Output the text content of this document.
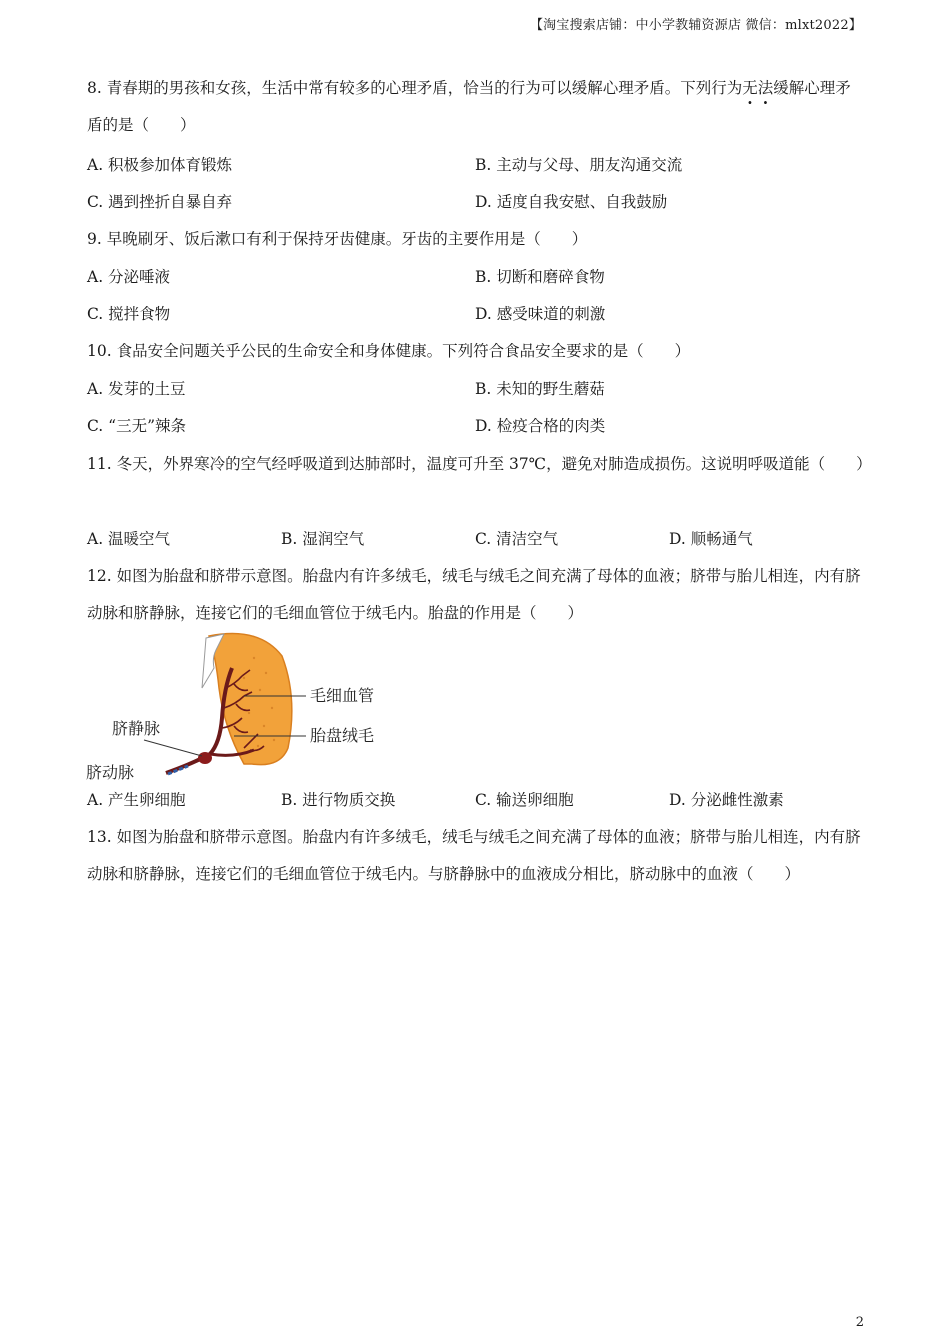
【淘宝搜索店铺：中小学教辅资源店 微信：mlxt2022】
8. 青春期的男孩和女孩，生活中常有较多的心理矛盾，恰当的行为可以缓解心理矛盾。下列行为无法缓解心理矛盾的是（　　）
A. 积极参加体育锻炼	B. 主动与父母、朋友沟通交流
C. 遇到挫折自暴自弃	D. 适度自我安慰、自我鼓励
9. 早晚刷牙、饭后漱口有利于保持牙齿健康。牙齿的主要作用是（　　）
A. 分泌唾液	B. 切断和磨碎食物
C. 搅拌食物	D. 感受味道的刺激
10. 食品安全问题关乎公民的生命安全和身体健康。下列符合食品安全要求的是（　　）
A. 发芽的土豆	B. 未知的野生蘑菇
C. “三无”辣条	D. 检疫合格的肉类
11. 冬天，外界寒冷的空气经呼吸道到达肺部时，温度可升至 37℃，避免对肺造成损伤。这说明呼吸道能（　　）
A. 温暖空气	B. 湿润空气	C. 清洁空气	D. 顺畅通气
12. 如图为胎盘和脐带示意图。胎盘内有许多绒毛，绒毛与绒毛之间充满了母体的血液；脐带与胎儿相连，内有脐动脉和脐静脉，连接它们的毛细血管位于绒毛内。胎盘的作用是（　　）
毛细血管
胎盘绒毛
脐静脉
脐动脉
A. 产生卵细胞	B. 进行物质交换	C. 输送卵细胞	D. 分泌雌性激素
13. 如图为胎盘和脐带示意图。胎盘内有许多绒毛，绒毛与绒毛之间充满了母体的血液；脐带与胎儿相连，内有脐动脉和脐静脉，连接它们的毛细血管位于绒毛内。与脐静脉中的血液成分相比，脐动脉中的血液（　　）
2
